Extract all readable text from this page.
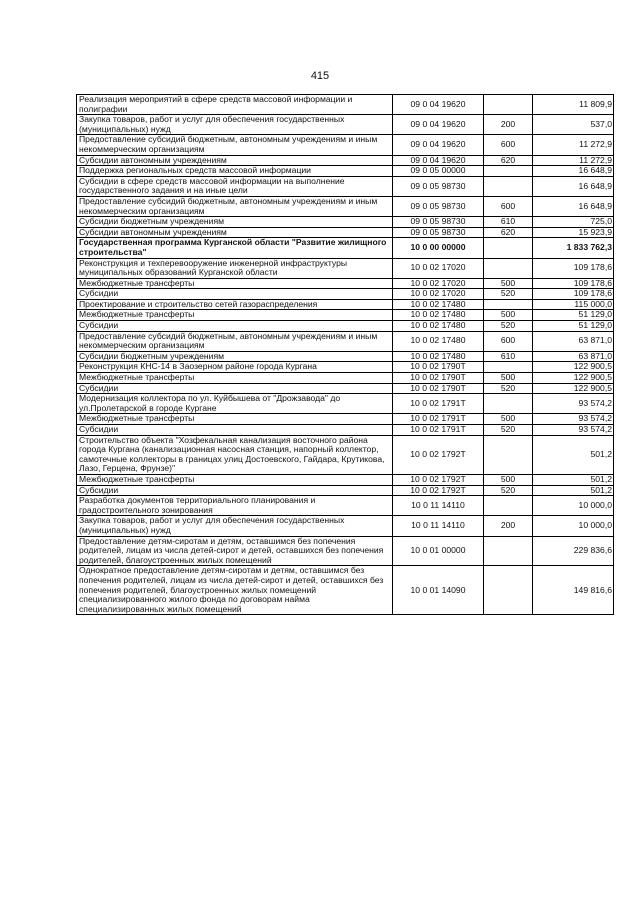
415
Реализация мероприятий в сфере средств массовой информации и полиграфии	09 0 04 19620		11 809,9
Закупка товаров, работ и услуг для обеспечения государственных (муниципальных) нужд	09 0 04 19620	200	537,0
Предоставление субсидий бюджетным, автономным учреждениям и иным некоммерческим организациям	09 0 04 19620	600	11 272,9
Субсидии автономным учреждениям	09 0 04 19620	620	11 272,9
Поддержка региональных средств массовой информации	09 0 05 00000		16 648,9
Субсидии в сфере средств массовой информации на выполнение государственного задания и на иные цели	09 0 05 98730		16 648,9
Предоставление субсидий бюджетным, автономным учреждениям и иным некоммерческим организациям	09 0 05 98730	600	16 648,9
Субсидии бюджетным учреждениям	09 0 05 98730	610	725,0
Субсидии автономным учреждениям	09 0 05 98730	620	15 923,9
Государственная программа Курганской области "Развитие жилищного строительства"	10 0 00 00000		1 833 762,3
Реконструкция и техперевооружение инженерной инфраструктуры муниципальных образований Курганской области	10 0 02 17020		109 178,6
Межбюджетные трансферты	10 0 02 17020	500	109 178,6
Субсидии	10 0 02 17020	520	109 178,6
Проектирование и строительство сетей газораспределения	10 0 02 17480		115 000,0
Межбюджетные трансферты	10 0 02 17480	500	51 129,0
Субсидии	10 0 02 17480	520	51 129,0
Предоставление субсидий бюджетным, автономным учреждениям и иным некоммерческим организациям	10 0 02 17480	600	63 871,0
Субсидии бюджетным учреждениям	10 0 02 17480	610	63 871,0
Реконструкция КНС-14 в Заозерном районе города Кургана	10 0 02 1790Т		122 900,5
Межбюджетные трансферты	10 0 02 1790Т	500	122 900,5
Субсидии	10 0 02 1790Т	520	122 900,5
Модернизация коллектора по ул. Куйбышева от "Дрожзавода" до ул.Пролетарской в городе Кургане	10 0 02 1791Т		93 574,2
Межбюджетные трансферты	10 0 02 1791Т	500	93 574,2
Субсидии	10 0 02 1791Т	520	93 574,2
Строительство объекта "Хозфекальная канализация восточного района города Кургана (канализационная насосная станция, напорный коллектор, самотечные коллекторы в границах улиц Достоевского, Гайдара, Крутикова, Лазо, Герцена, Фрунзе)"	10 0 02 1792Т		501,2
Межбюджетные трансферты	10 0 02 1792Т	500	501,2
Субсидии	10 0 02 1792Т	520	501,2
Разработка документов территориального планирования и градостроительного зонирования	10 0 11 14110		10 000,0
Закупка товаров, работ и услуг для обеспечения государственных (муниципальных) нужд	10 0 11 14110	200	10 000,0
Предоставление детям-сиротам и детям, оставшимся без попечения родителей, лицам из числа детей-сирот и детей, оставшихся без попечения родителей, благоустроенных жилых помещений	10 0 01 00000		229 836,6
Однократное предоставление детям-сиротам и детям, оставшимся без попечения родителей, лицам из числа детей-сирот и детей, оставшихся без попечения родителей, благоустроенных жилых помещений специализированного жилого фонда по договорам найма специализированных жилых помещений	10 0 01 14090		149 816,6
